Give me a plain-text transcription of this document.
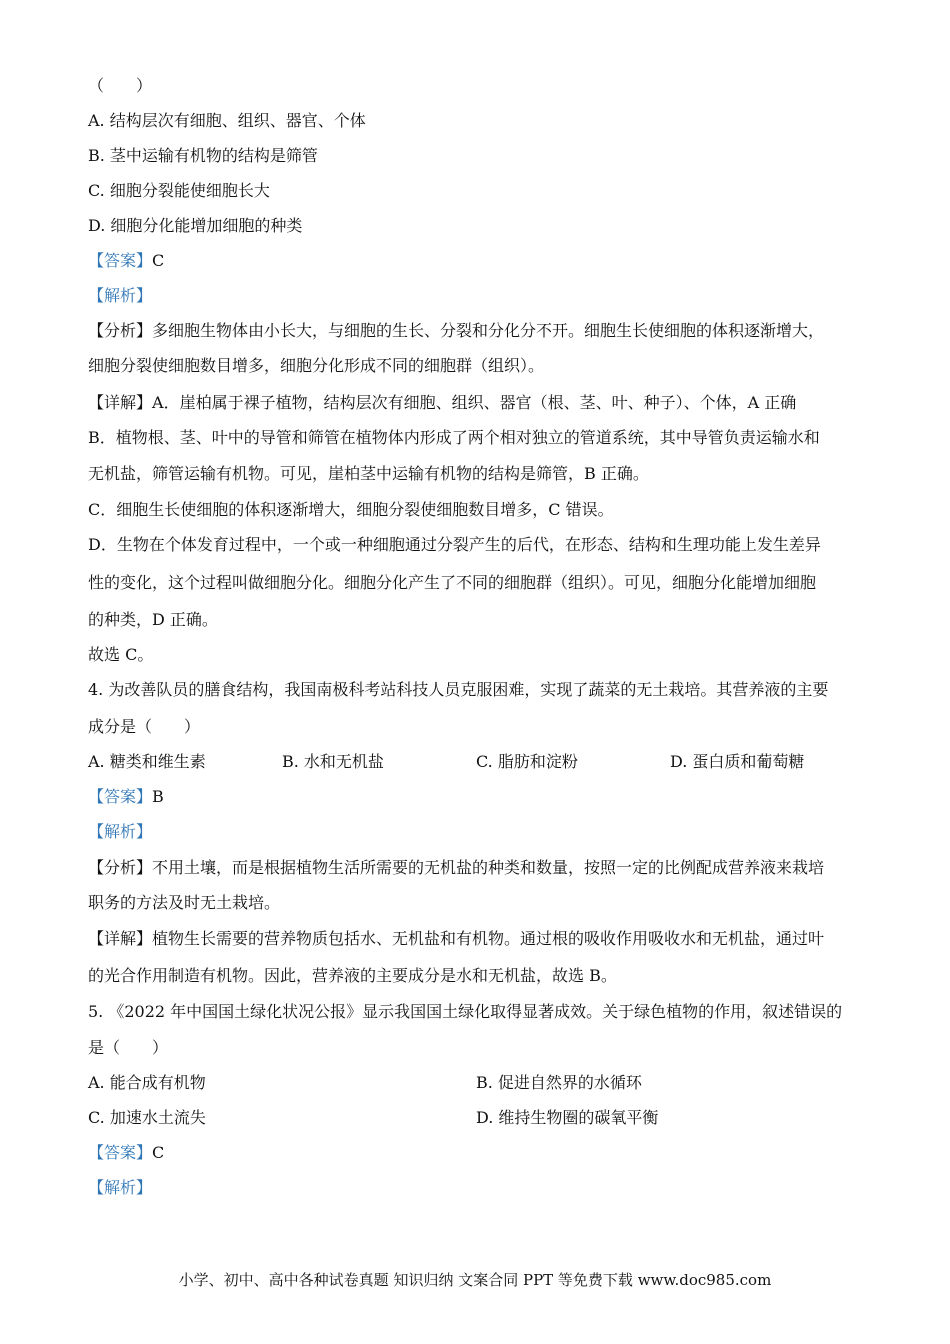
（　　）
A. 结构层次有细胞、组织、器官、个体
B. 茎中运输有机物的结构是筛管
C. 细胞分裂能使细胞长大
D. 细胞分化能增加细胞的种类
【答案】C
【解析】
【分析】多细胞生物体由小长大，与细胞的生长、分裂和分化分不开。细胞生长使细胞的体积逐渐增大，
细胞分裂使细胞数目增多，细胞分化形成不同的细胞群（组织）。
【详解】A．崖柏属于裸子植物，结构层次有细胞、组织、器官（根、茎、叶、种子）、个体，A 正确
B．植物根、茎、叶中的导管和筛管在植物体内形成了两个相对独立的管道系统，其中导管负责运输水和
无机盐，筛管运输有机物。可见，崖柏茎中运输有机物的结构是筛管，B 正确。
C．细胞生长使细胞的体积逐渐增大，细胞分裂使细胞数目增多，C 错误。
D．生物在个体发育过程中，一个或一种细胞通过分裂产生的后代，在形态、结构和生理功能上发生差异
性的变化，这个过程叫做细胞分化。细胞分化产生了不同的细胞群（组织）。可见，细胞分化能增加细胞
的种类，D 正确。
故选 C。
4. 为改善队员的膳食结构，我国南极科考站科技人员克服困难，实现了蔬菜的无土栽培。其营养液的主要
成分是（　　）
A. 糖类和维生素	B. 水和无机盐	C. 脂肪和淀粉	D. 蛋白质和葡萄糖
【答案】B
【解析】
【分析】不用土壤，而是根据植物生活所需要的无机盐的种类和数量，按照一定的比例配成营养液来栽培
职务的方法及时无土栽培。
【详解】植物生长需要的营养物质包括水、无机盐和有机物。通过根的吸收作用吸收水和无机盐，通过叶
的光合作用制造有机物。因此，营养液的主要成分是水和无机盐，故选 B。
5. 《2022 年中国国土绿化状况公报》显示我国国土绿化取得显著成效。关于绿色植物的作用，叙述错误的
是（　　）
A. 能合成有机物	B. 促进自然界的水循环
C. 加速水土流失	D. 维持生物圈的碳氧平衡
【答案】C
【解析】
小学、初中、高中各种试卷真题 知识归纳 文案合同 PPT 等免费下载 www.doc985.com
